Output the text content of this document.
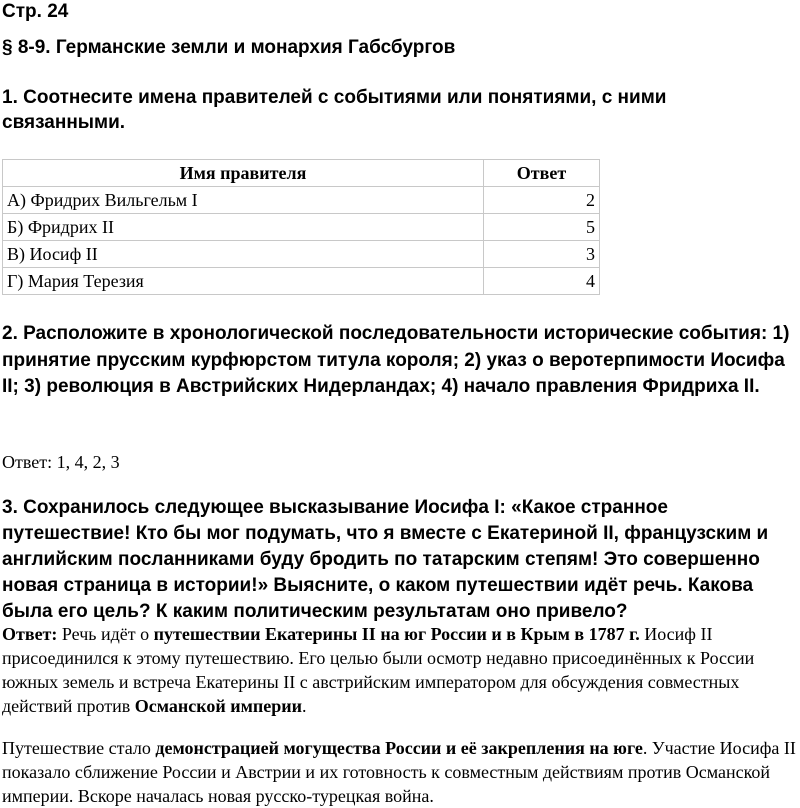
Стр. 24
§ 8-9. Германские земли и монархия Габсбургов
1. Соотнесите имена правителей с событиями или понятиями, с ними связанными.
Имя правителя	Ответ
А) Фридрих Вильгельм I	2
Б) Фридрих II	5
В) Иосиф II	3
Г) Мария Терезия	4
2. Расположите в хронологической последовательности исторические события: 1) принятие прусским курфюрстом титула короля; 2) указ о веротерпимости Иосифа II; 3) революция в Австрийских Нидерландах; 4) начало правления Фридриха II.
Ответ: 1, 4, 2, 3
3. Сохранилось следующее высказывание Иосифа I: «Какое странное путешествие! Кто бы мог подумать, что я вместе с Екатериной II, французским и английским посланниками буду бродить по татарским степям! Это совершенно новая страница в истории!» Выясните, о каком путешествии идёт речь. Какова была его цель? К каким политическим результатам оно привело?
Ответ: Речь идёт о путешествии Екатерины II на юг России и в Крым в 1787 г. Иосиф II присоединился к этому путешествию. Его целью были осмотр недавно присоединённых к России южных земель и встреча Екатерины II с австрийским императором для обсуждения совместных действий против Османской империи.
Путешествие стало демонстрацией могущества России и её закрепления на юге. Участие Иосифа II показало сближение России и Австрии и их готовность к совместным действиям против Османской империи. Вскоре началась новая русско-турецкая война.
